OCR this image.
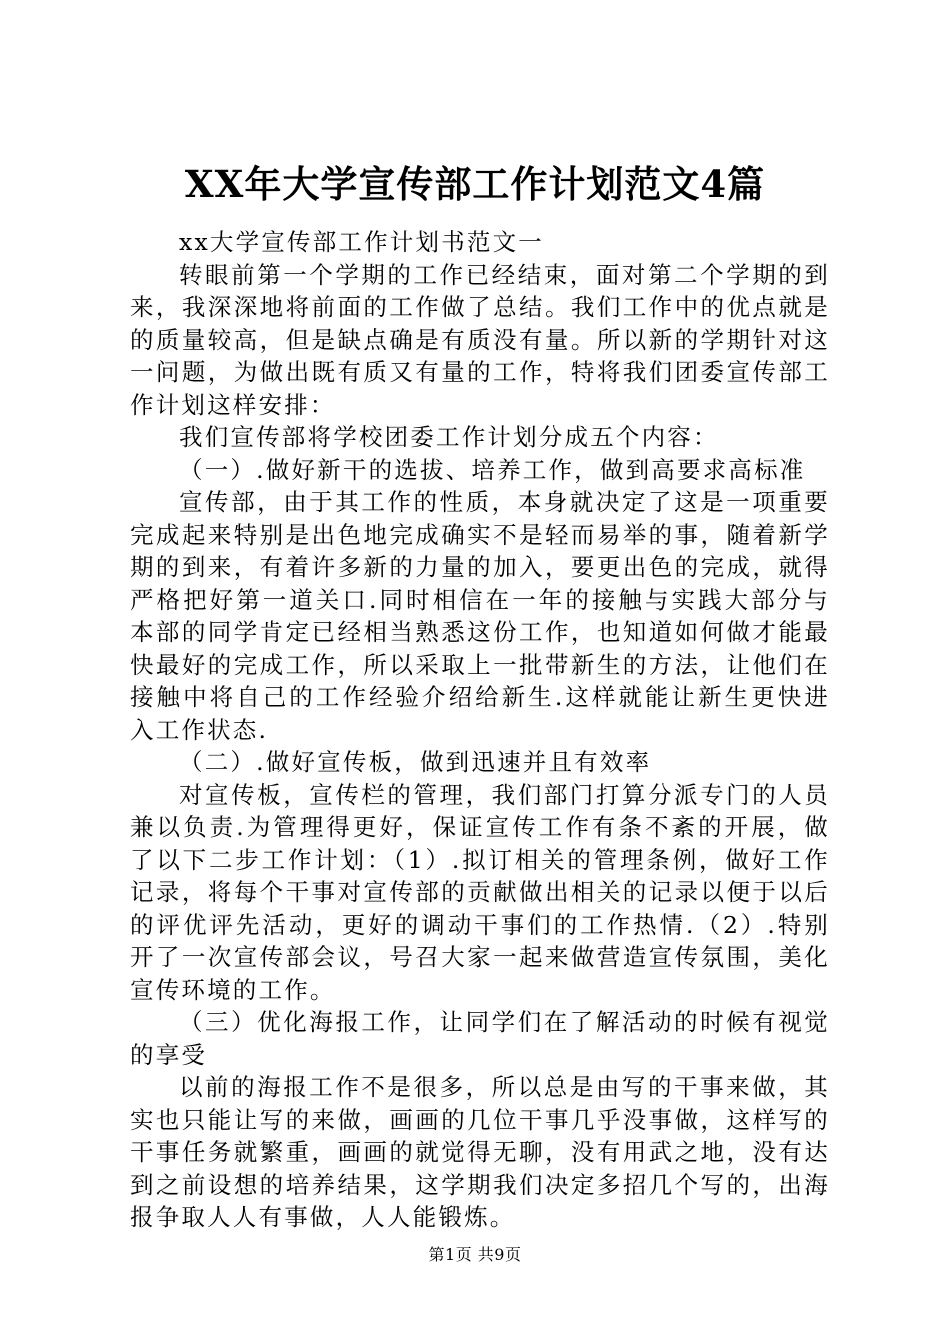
XX年大学宣传部工作计划范文4篇

xx大学宣传部工作计划书范文一

转眼前第一个学期的工作已经结束，面对第二个学期的到来，我深深地将前面的工作做了总结。我们工作中的优点就是的质量较高，但是缺点确是有质没有量。所以新的学期针对这一问题，为做出既有质又有量的工作，特将我们团委宣传部工作计划这样安排：

我们宣传部将学校团委工作计划分成五个内容：

（一）.做好新干的选拔、培养工作，做到高要求高标准

宣传部，由于其工作的性质，本身就决定了这是一项重要完成起来特别是出色地完成确实不是轻而易举的事，随着新学期的到来，有着许多新的力量的加入，要更出色的完成，就得严格把好第一道关口.同时相信在一年的接触与实践大部分与本部的同学肯定已经相当熟悉这份工作，也知道如何做才能最快最好的完成工作，所以采取上一批带新生的方法，让他们在接触中将自己的工作经验介绍给新生.这样就能让新生更快进入工作状态.

（二）.做好宣传板，做到迅速并且有效率

对宣传板，宣传栏的管理，我们部门打算分派专门的人员兼以负责.为管理得更好，保证宣传工作有条不紊的开展，做了以下二步工作计划：（1）.拟订相关的管理条例，做好工作记录，将每个干事对宣传部的贡献做出相关的记录以便于以后的评优评先活动，更好的调动干事们的工作热情.（2）.特别开了一次宣传部会议，号召大家一起来做营造宣传氛围，美化宣传环境的工作。

（三）优化海报工作，让同学们在了解活动的时候有视觉的享受

以前的海报工作不是很多，所以总是由写的干事来做，其实也只能让写的来做，画画的几位干事几乎没事做，这样写的干事任务就繁重，画画的就觉得无聊，没有用武之地，没有达到之前设想的培养结果，这学期我们决定多招几个写的，出海报争取人人有事做，人人能锻炼。

第1页 共9页
